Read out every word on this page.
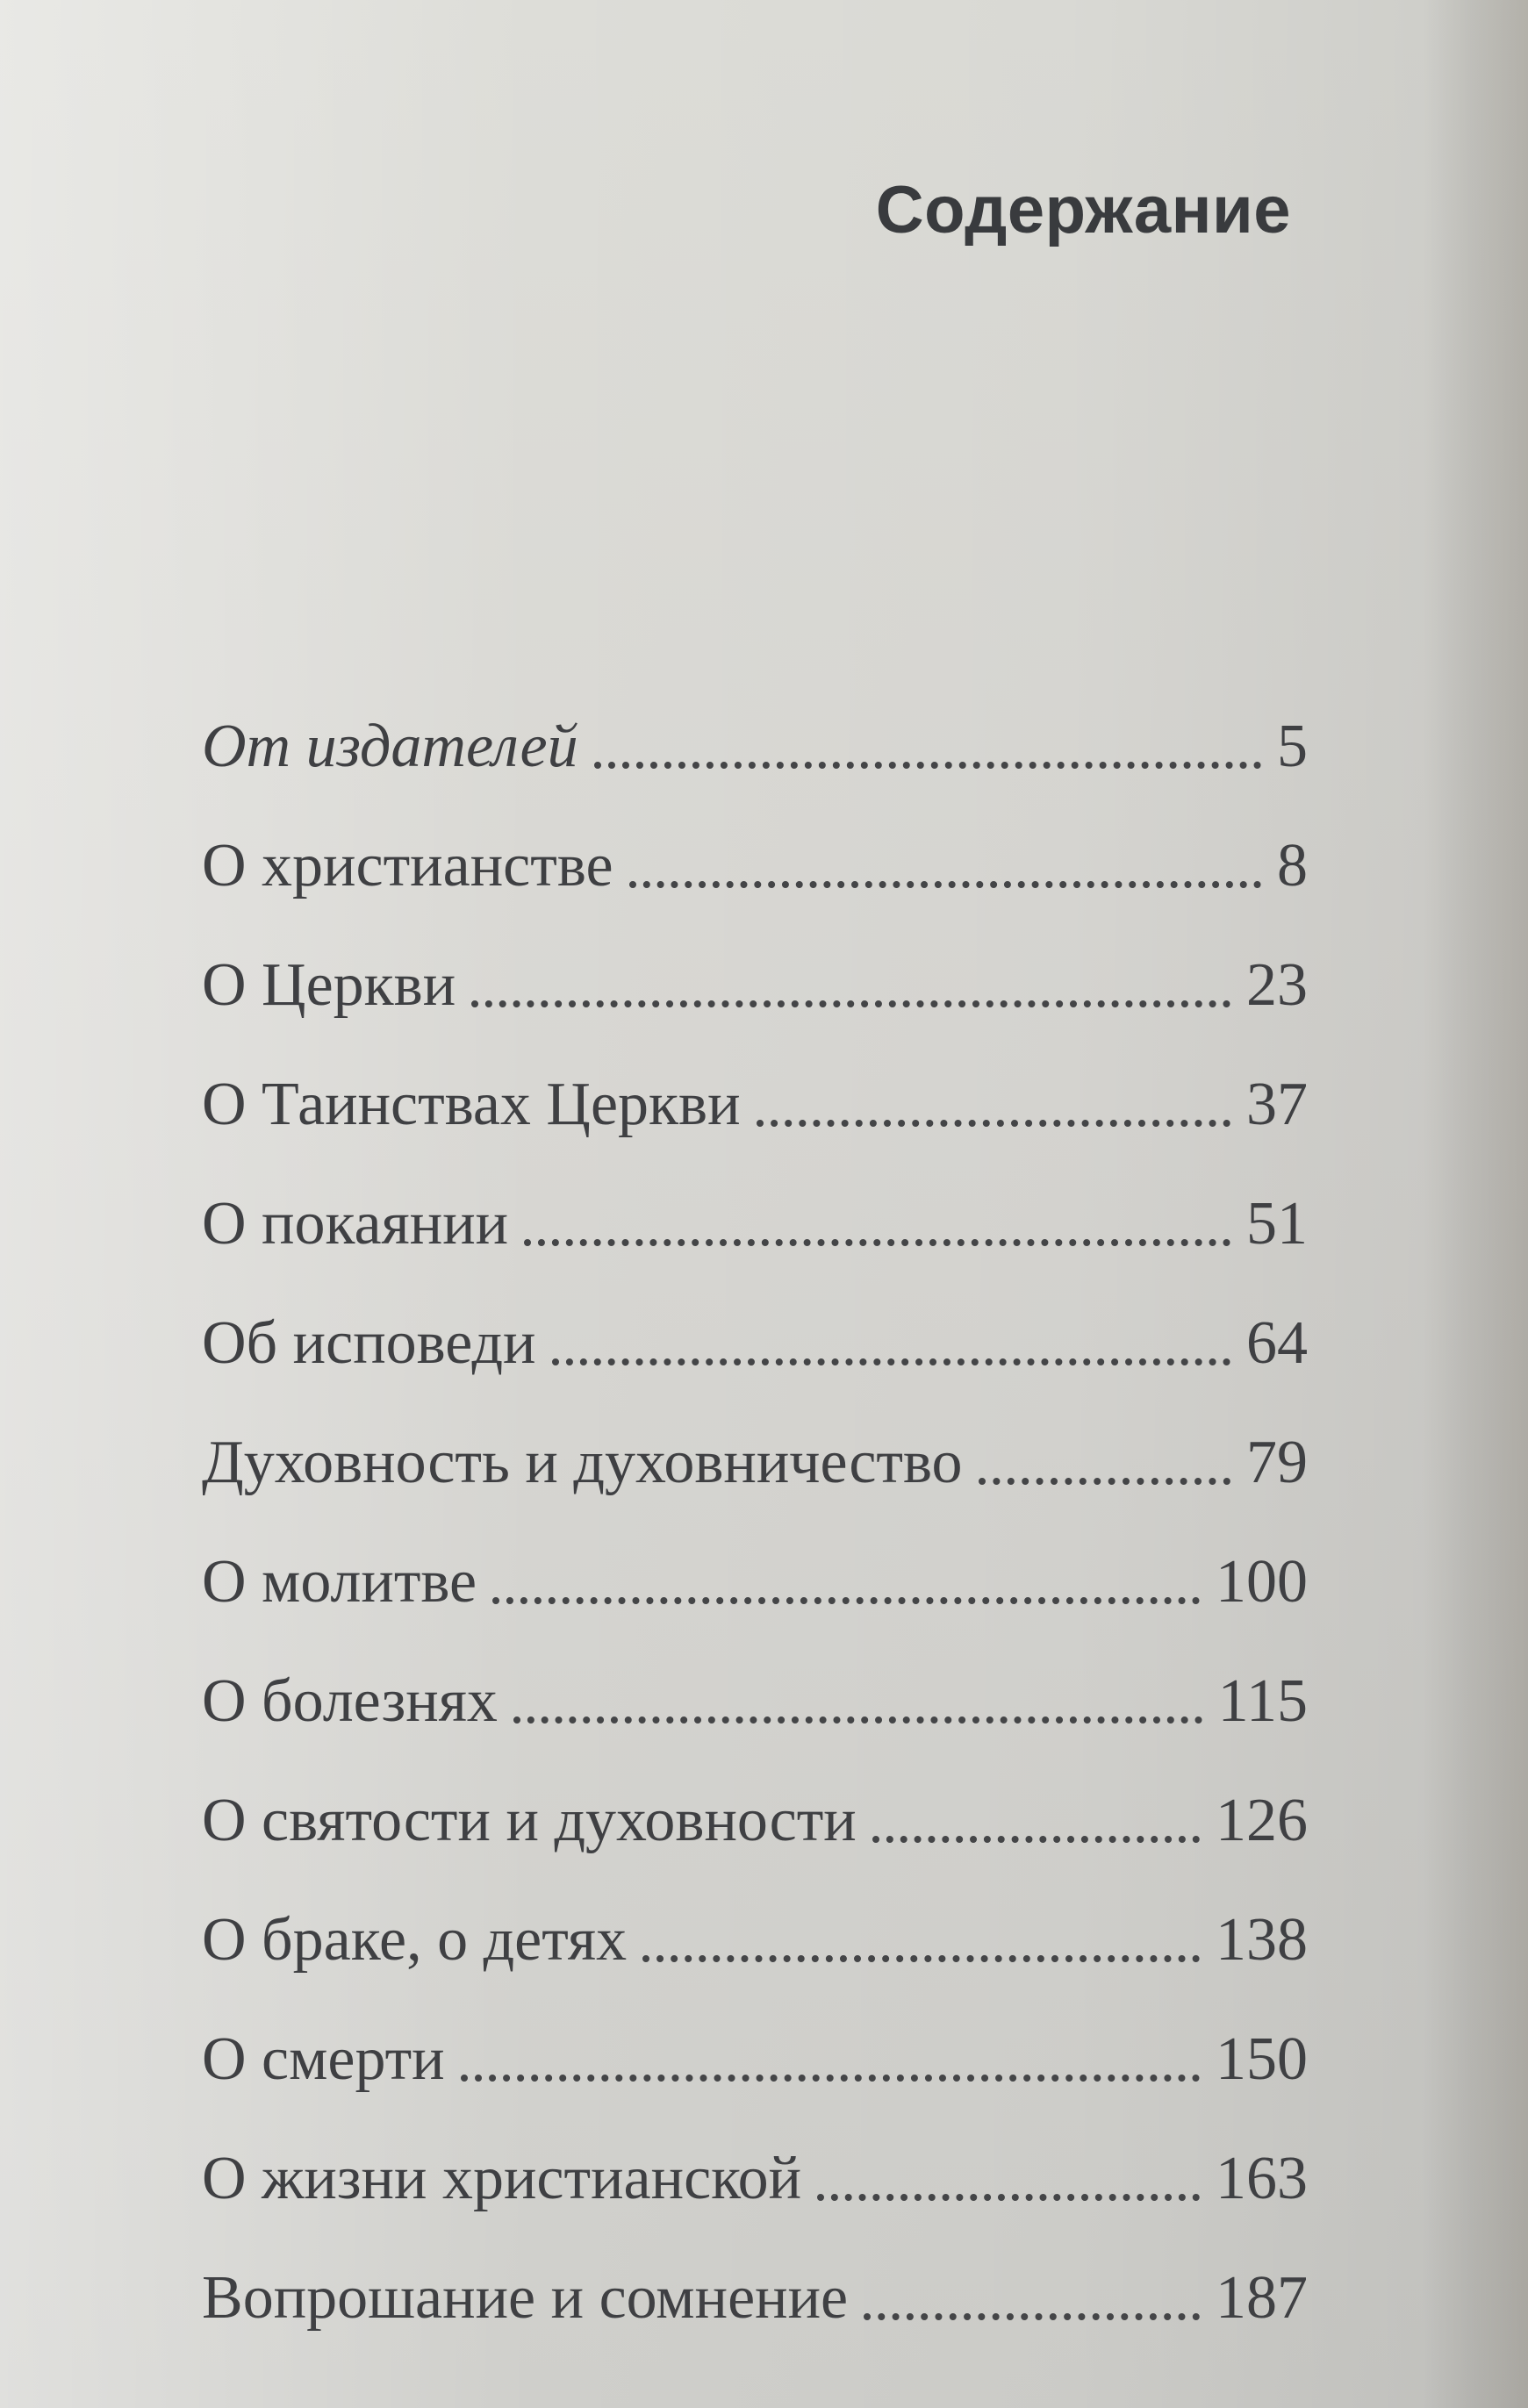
Содержание
От издателей	5
О христианстве	8
О Церкви	23
О Таинствах Церкви	37
О покаянии	51
Об исповеди	64
Духовность и духовничество	79
О молитве	100
О болезнях	115
О святости и духовности	126
О браке, о детях	138
О смерти	150
О жизни христианской	163
Вопрошание и сомнение	187
